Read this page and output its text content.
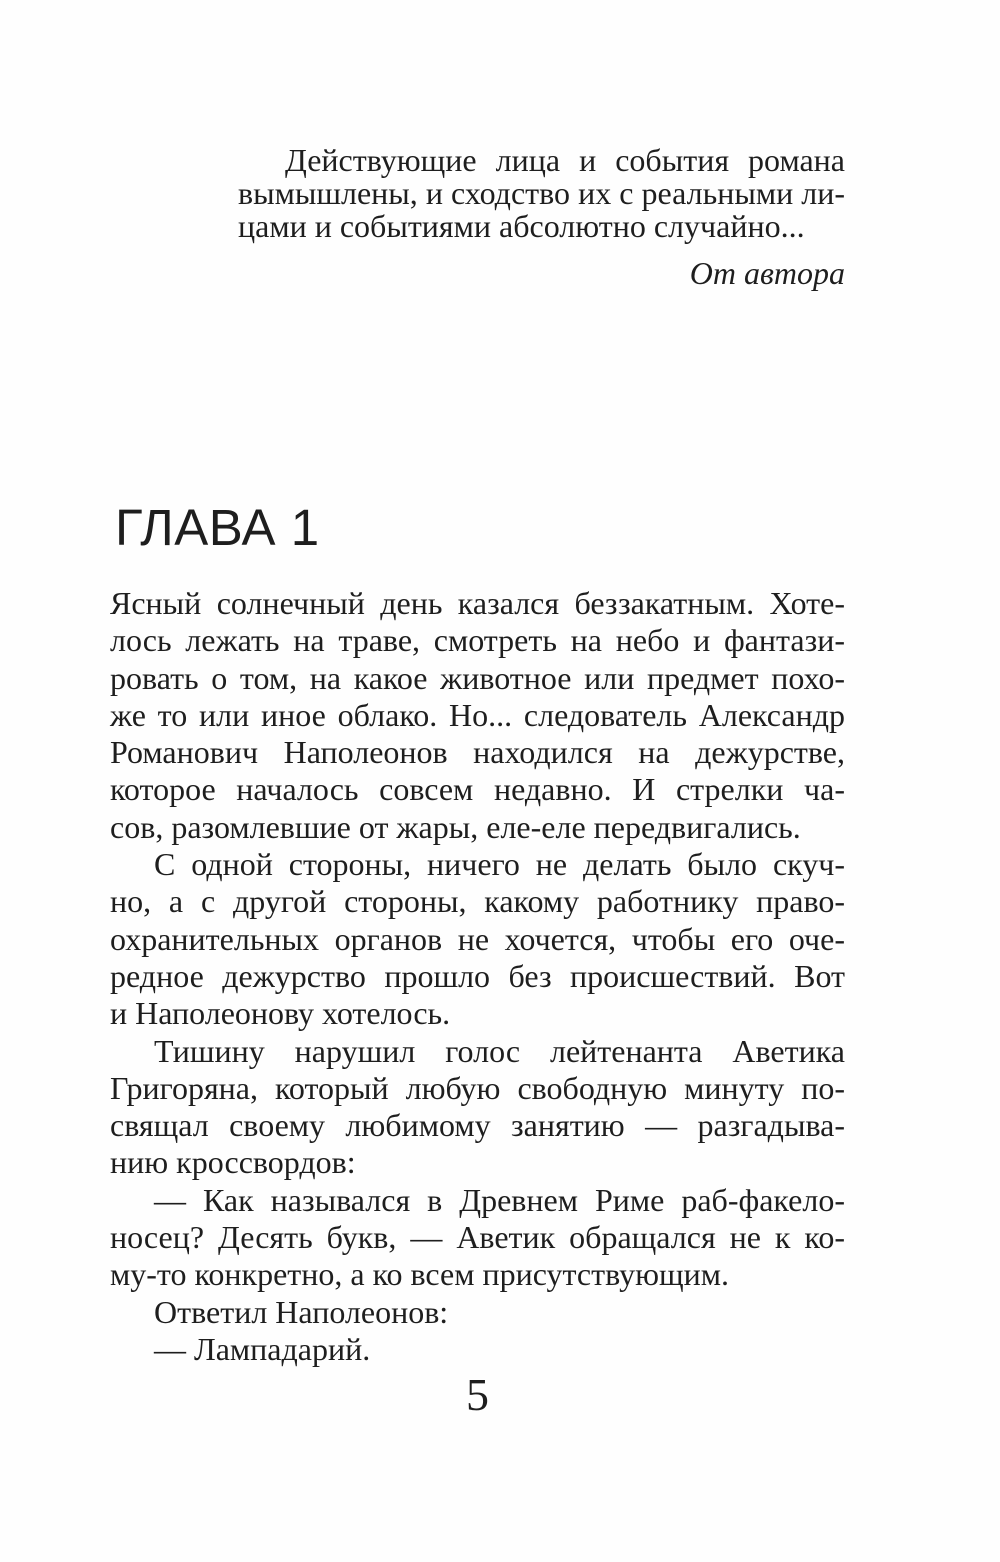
Действующие лица и события романа
вымышлены, и сходство их с реальными ли-
цами и событиями абсолютно случайно...
От автора
ГЛАВА 1
Ясный солнечный день казался беззакатным. Хоте-
лось лежать на траве, смотреть на небо и фантази-
ровать о том, на какое животное или предмет похо-
же то или иное облако. Но... следователь Александр
Романович Наполеонов находился на дежурстве,
которое началось совсем недавно. И стрелки ча-
сов, разомлевшие от жары, еле-еле передвигались.
С одной стороны, ничего не делать было скуч-
но, а с другой стороны, какому работнику право-
охранительных органов не хочется, чтобы его оче-
редное дежурство прошло без происшествий. Вот
и Наполеонову хотелось.
Тишину нарушил голос лейтенанта Аветика
Григоряна, который любую свободную минуту по-
свящал своему любимому занятию — разгадыва-
нию кроссвордов:
— Как назывался в Древнем Риме раб-факело-
носец? Десять букв, — Аветик обращался не к ко-
му-то конкретно, а ко всем присутствующим.
Ответил Наполеонов:
— Лампадарий.
5
